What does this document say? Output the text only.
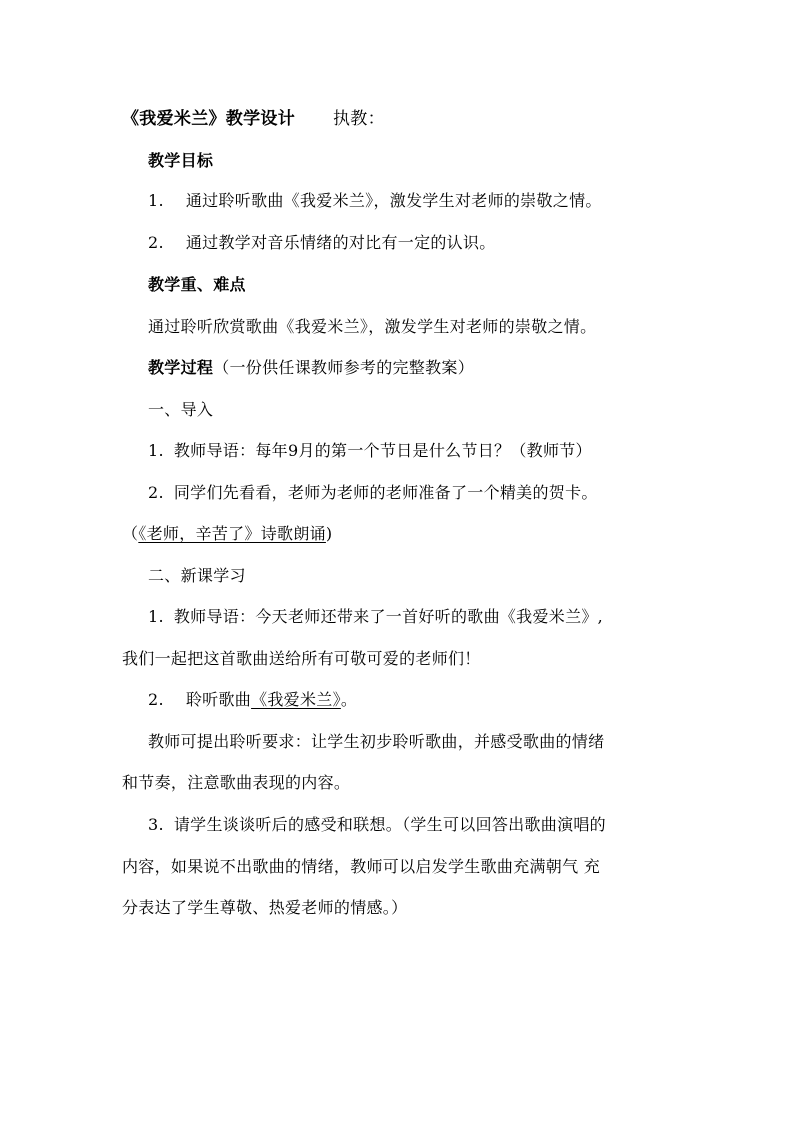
《我爱米兰》教学设计 执教：
教学目标
1. 通过聆听歌曲《我爱米兰》，激发学生对老师的崇敬之情。
2. 通过教学对音乐情绪的对比有一定的认识。
教学重、难点
通过聆听欣赏歌曲《我爱米兰》，激发学生对老师的崇敬之情。
教学过程（一份供任课教师参考的完整教案）
一、导入
1. 教师导语：每年9月的第一个节日是什么节日？（教师节）
2. 同学们先看看，老师为老师的老师准备了一个精美的贺卡。
（《老师，辛苦了》诗歌朗诵)
二、新课学习
1. 教师导语：今天老师还带来了一首好听的歌曲《我爱米兰》,
我们一起把这首歌曲送给所有可敬可爱的老师们！
2. 聆听歌曲《我爱米兰》。
教师可提出聆听要求：让学生初步聆听歌曲，并感受歌曲的情绪
和节奏，注意歌曲表现的内容。
3. 请学生谈谈听后的感受和联想。（学生可以回答出歌曲演唱的
内容，如果说不出歌曲的情绪，教师可以启发学生歌曲充满朝气 充
分表达了学生尊敬、热爱老师的情感。）
